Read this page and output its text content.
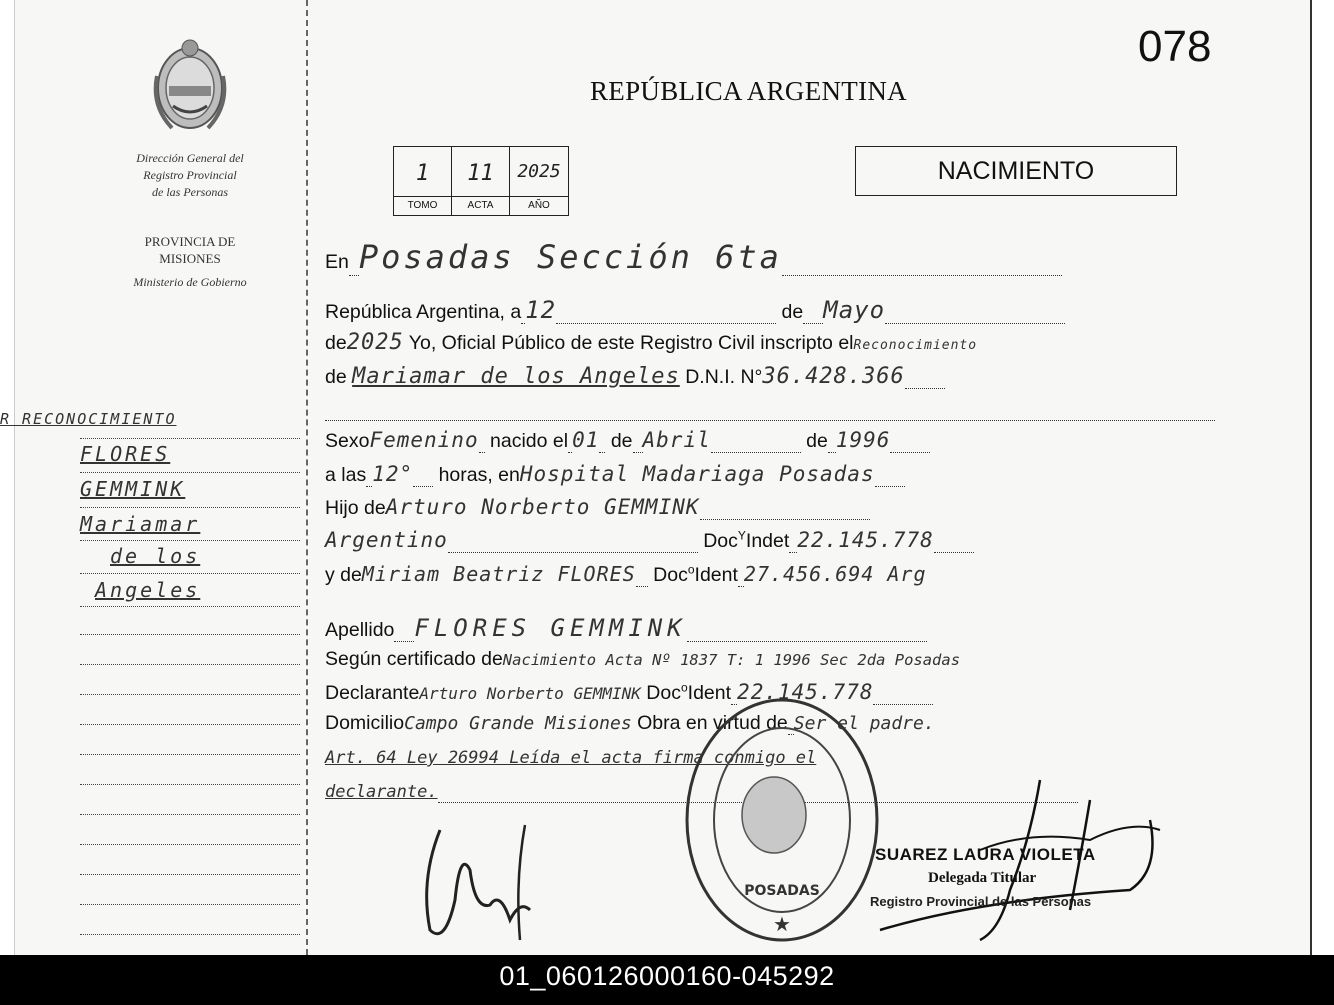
Dirección General del
Registro Provincial
de las Personas
PROVINCIA DE
MISIONES
Ministerio de Gobierno
R RECONOCIMIENTO
FLORES
GEMMINK
Mariamar
de los
Angeles
078
REPÚBLICA ARGENTINA
1
TOMO
11
ACTA
2025
AÑO
NACIMIENTO
En Posadas Sección 6ta
República Argentina, a 12	de Mayo
de2025 Yo, Oficial Público de este Registro Civil inscripto elReconocimiento
de Mariamar de los Angeles D.N.I. N°36.428.366
SexoFemenino nacido el 01 de Abril	de 1996
a las 12° horas, enHospital Madariaga Posadas
Hijo deArturo Norberto GEMMINK
Argentino	Doc$^Y$Indet 22.145.778
y deMiriam Beatriz FLORES Doc$^o$Ident 27.456.694 Arg
Apellido FLORES GEMMINK
Según certificado deNacimiento Acta Nº 1837 T: 1 1996 Sec 2da Posadas
DeclaranteArturo Norberto GEMMINK Doc$^o$Ident 22.145.778
DomicilioCampo Grande Misiones Obra en virtud de Ser el padre.
Art. 64 Ley 26994 Leída el acta firma conmigo el
declarante.
POSADAS
★
SUAREZ LAURA VIOLETA
Delegada Titular
Registro Provincial de las Personas
01_060126000160-045292
